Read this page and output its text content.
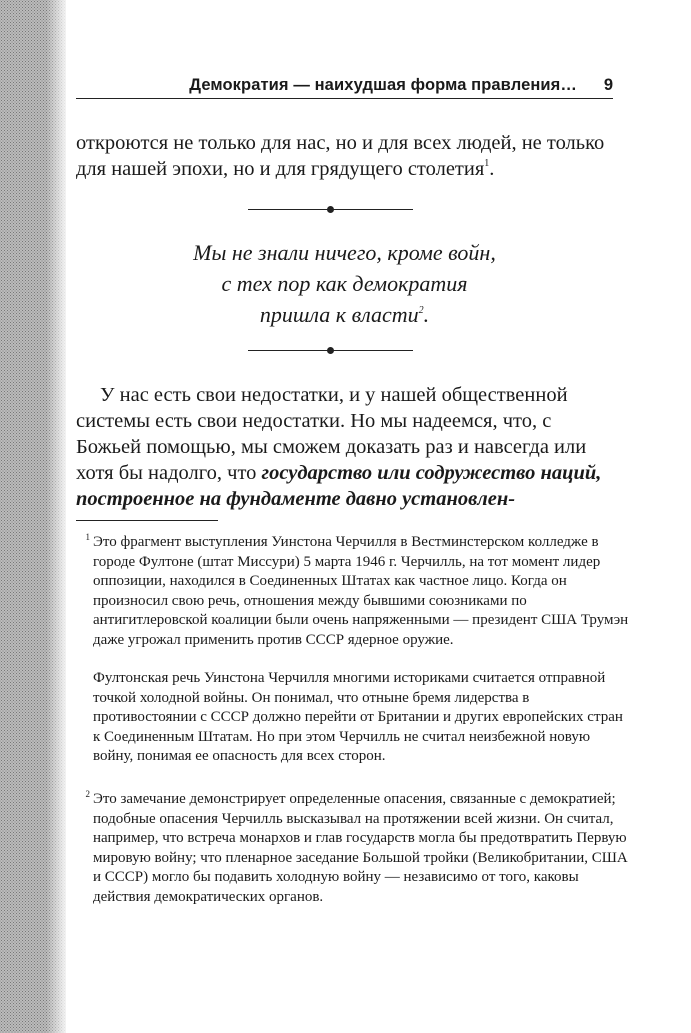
Демократия — наихудшая форма правления… 9
откроются не только для нас, но и для всех людей, не только для нашей эпохи, но и для грядущего столетия$^1$.
Мы не знали ничего, кроме войн,
с тех пор как демократия
пришла к власти$^2$.
У нас есть свои недостатки, и у нашей общественной системы есть свои недостатки. Но мы надеемся, что, с Божьей помощью, мы сможем доказать раз и навсегда или хотя бы надолго, что государство или содружество наций, построенное на фундаменте давно установлен-
1 Это фрагмент выступления Уинстона Черчилля в Вестминстерском колледже в городе Фултоне (штат Миссури) 5 марта 1946 г. Черчилль, на тот момент лидер оппозиции, находился в Соединенных Штатах как частное лицо. Когда он произносил свою речь, отношения между бывшими союзниками по антигитлеровской коалиции были очень напряженными — президент США Трумэн даже угрожал применить против СССР ядерное оружие.
Фултонская речь Уинстона Черчилля многими историками считается отправной точкой холодной войны. Он понимал, что отныне бремя лидерства в противостоянии с СССР должно перейти от Британии и других европейских стран к Соединенным Штатам. Но при этом Черчилль не считал неизбежной новую войну, понимая ее опасность для всех сторон.
2 Это замечание демонстрирует определенные опасения, связанные с демократией; подобные опасения Черчилль высказывал на протяжении всей жизни. Он считал, например, что встреча монархов и глав государств могла бы предотвратить Первую мировую войну; что пленарное заседание Большой тройки (Великобритании, США и СССР) могло бы подавить холодную войну — независимо от того, каковы действия демократических органов.
